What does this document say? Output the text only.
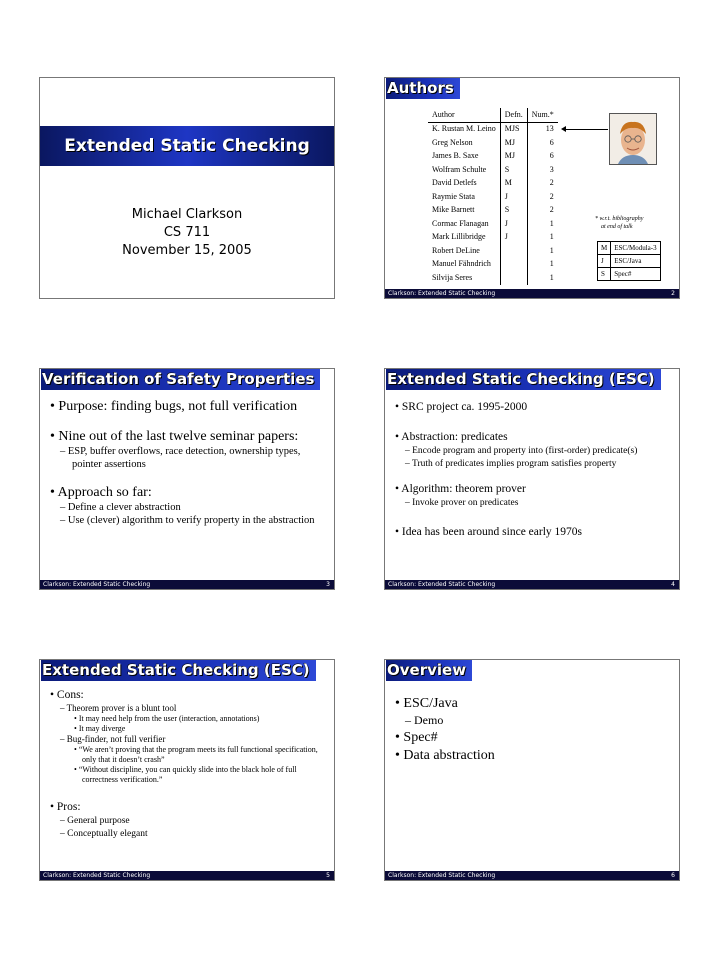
Extended Static Checking
Michael Clarkson
CS 711
November 15, 2005
Authors
Author	Defn.	Num.*
K. Rustan M. Leino	MJS	13
Greg Nelson	MJ	6
James B. Saxe	MJ	6
Wolfram Schulte	S	3
David Detlefs	M	2
Raymie Stata	J	2
Mike Barnett	S	2
Cormac Flanagan	J	1
Mark Lillibridge	J	1
Robert DeLine		1
Manuel Fähndrich		1
Silvija Seres		1
* w.r.t. bibliography
at end of talk
M	ESC/Modula-3
J	ESC/Java
S	Spec#
Clarkson: Extended Static Checking	2
Verification of Safety Properties

• Purpose: finding bugs, not full verification

• Nine out of the last twelve seminar papers:

– ESP, buffer overflows, race detection, ownership types, pointer assertions

• Approach so far:

– Define a clever abstraction

– Use (clever) algorithm to verify property in the abstraction

Clarkson: Extended Static Checking	3
Extended Static Checking (ESC)

• SRC project ca. 1995-2000

• Abstraction: predicates

– Encode program and property into (first-order) predicate(s)

– Truth of predicates implies program satisfies property

• Algorithm: theorem prover

– Invoke prover on predicates

• Idea has been around since early 1970s

Clarkson: Extended Static Checking	4
Extended Static Checking (ESC)

• Cons:

– Theorem prover is a blunt tool

• It may need help from the user (interaction, annotations)

• It may diverge

– Bug-finder, not full verifier

• “We aren’t proving that the program meets its full functional specification, only that it doesn’t crash”

• “Without discipline, you can quickly slide into the black hole of full correctness verification.”

• Pros:

– General purpose

– Conceptually elegant

Clarkson: Extended Static Checking	5
Overview

• ESC/Java

– Demo

• Spec#

• Data abstraction

Clarkson: Extended Static Checking	6
